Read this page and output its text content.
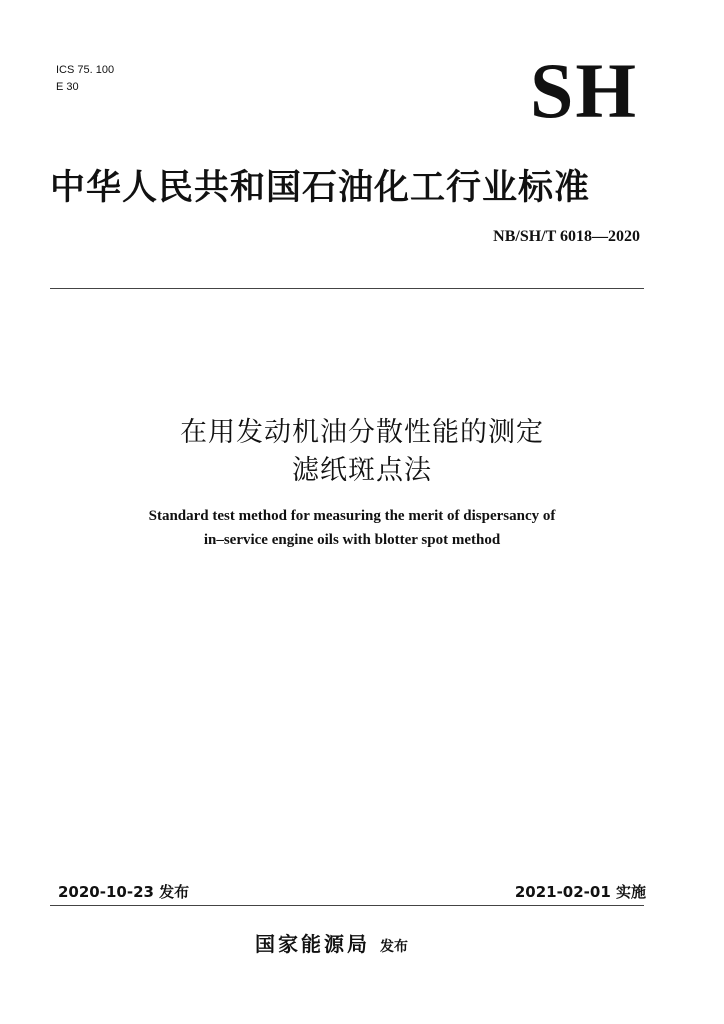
ICS 75. 100
E 30	SH
中华人民共和国石油化工行业标准
NB/SH/T 6018—2020
在用发动机油分散性能的测定
滤纸斑点法
Standard test method for measuring the merit of dispersancy of
in–service engine oils with blotter spot method
2020-10-23 发布	2021-02-01 实施
国家能源局 发布
